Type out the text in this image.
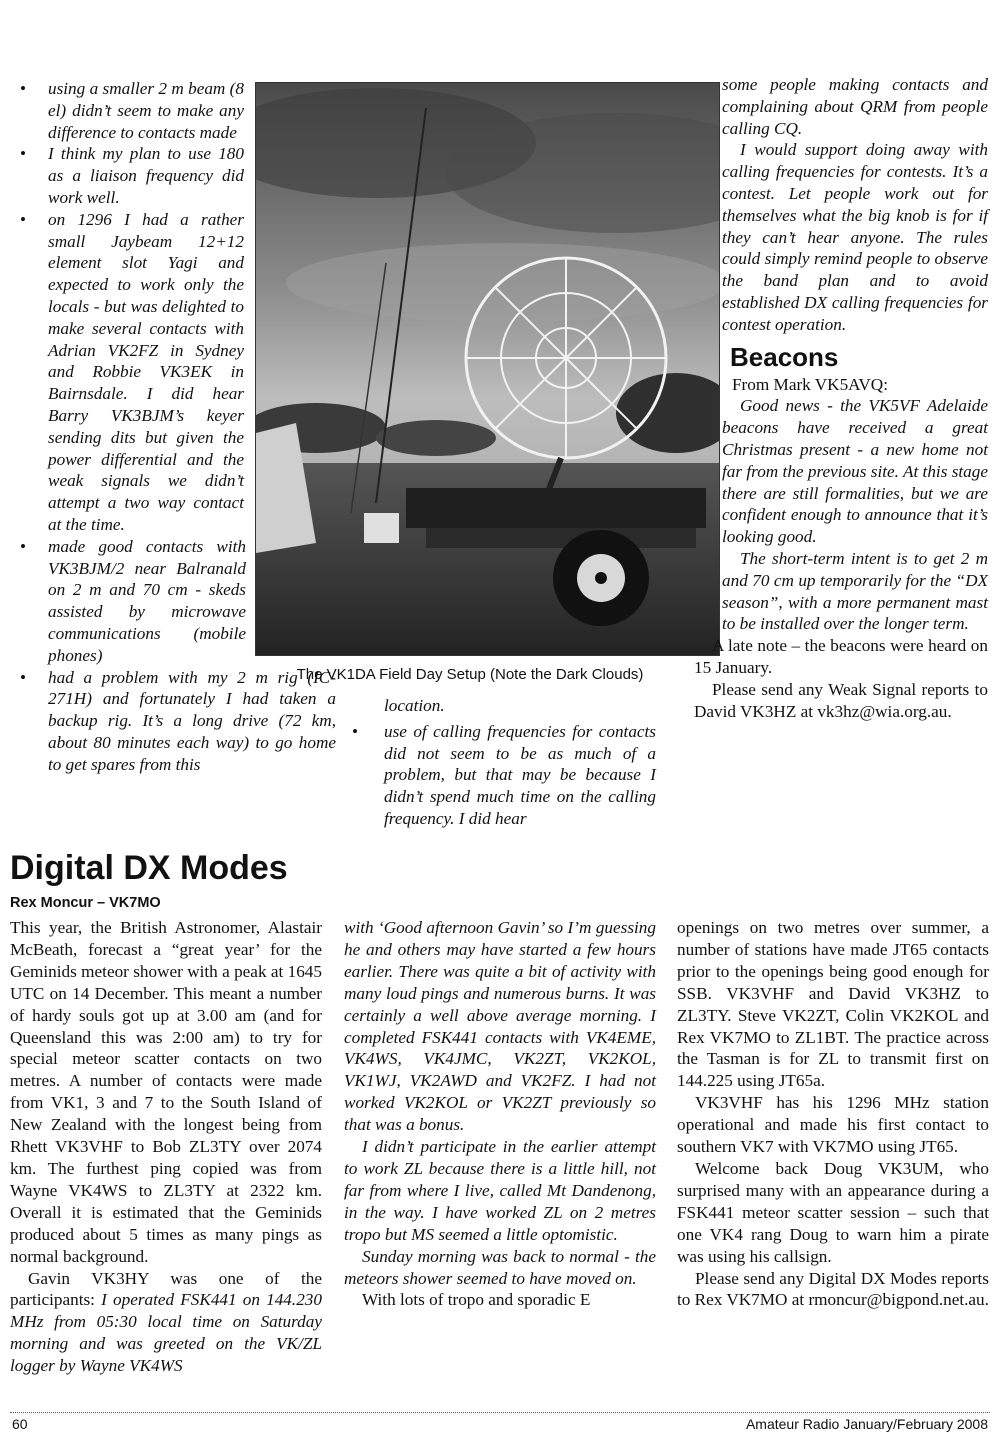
• using a smaller 2 m beam (8 el) didn’t seem to make any difference to contacts made
• I think my plan to use 180 as a liaison frequency did work well.
• on 1296 I had a rather small Jaybeam 12+12 element slot Yagi and expected to work only the locals - but was delighted to make several contacts with Adrian VK2FZ in Sydney and Robbie VK3EK in Bairnsdale. I did hear Barry VK3BJM’s keyer sending dits but given the power differential and the weak signals we didn’t attempt a two way contact at the time.
• made good contacts with VK3BJM/2 near Balranald on 2 m and 70 cm - skeds assisted by microwave communications (mobile phones)
• had a problem with my 2 m rig (IC-271H) and fortunately I had taken a backup rig. It’s a long drive (72 km, about 80 minutes each way) to go home to get spares from this
The VK1DA Field Day Setup (Note the Dark Clouds)
location.
• use of calling frequencies for contacts did not seem to be as much of a problem, but that may be because I didn’t spend much time on the calling frequency. I did hear

some people making contacts and complaining about QRM from people calling CQ.

I would support doing away with calling frequencies for contests. It’s a contest. Let people work out for themselves what the big knob is for if they can’t hear anyone. The rules could simply remind people to observe the band plan and to avoid established DX calling frequencies for contest operation.

Beacons

From Mark VK5AVQ:

Good news - the VK5VF Adelaide beacons have received a great Christmas present - a new home not far from the previous site. At this stage there are still formalities, but we are confident enough to announce that it’s looking good.

The short-term intent is to get 2 m and 70 cm up temporarily for the “DX season”, with a more permanent mast to be installed over the longer term.

A late note – the beacons were heard on 15 January.

Please send any Weak Signal reports to David VK3HZ at vk3hz@wia.org.au.

Digital DX Modes
Rex Moncur – VK7MO

This year, the British Astronomer, Alastair McBeath, forecast a “great year’ for the Geminids meteor shower with a peak at 1645 UTC on 14 December. This meant a number of hardy souls got up at 3.00 am (and for Queensland this was 2:00 am) to try for special meteor scatter contacts on two metres. A number of contacts were made from VK1, 3 and 7 to the South Island of New Zealand with the longest being from Rhett VK3VHF to Bob ZL3TY over 2074 km. The furthest ping copied was from Wayne VK4WS to ZL3TY at 2322 km. Overall it is estimated that the Geminids produced about 5 times as many pings as normal background.

Gavin VK3HY was one of the participants: I operated FSK441 on 144.230 MHz from 05:30 local time on Saturday morning and was greeted on the VK/ZL logger by Wayne VK4WS

with ‘Good afternoon Gavin’ so I’m guessing he and others may have started a few hours earlier. There was quite a bit of activity with many loud pings and numerous burns. It was certainly a well above average morning. I completed FSK441 contacts with VK4EME, VK4WS, VK4JMC, VK2ZT, VK2KOL, VK1WJ, VK2AWD and VK2FZ. I had not worked VK2KOL or VK2ZT previously so that was a bonus.

I didn’t participate in the earlier attempt to work ZL because there is a little hill, not far from where I live, called Mt Dandenong, in the way. I have worked ZL on 2 metres tropo but MS seemed a little optomistic.

Sunday morning was back to normal - the meteors shower seemed to have moved on.

With lots of tropo and sporadic E

openings on two metres over summer, a number of stations have made JT65 contacts prior to the openings being good enough for SSB. VK3VHF and David VK3HZ to ZL3TY. Steve VK2ZT, Colin VK2KOL and Rex VK7MO to ZL1BT. The practice across the Tasman is for ZL to transmit first on 144.225 using JT65a.

VK3VHF has his 1296 MHz station operational and made his first contact to southern VK7 with VK7MO using JT65.

Welcome back Doug VK3UM, who surprised many with an appearance during a FSK441 meteor scatter session – such that one VK4 rang Doug to warn him a pirate was using his callsign.

Please send any Digital DX Modes reports to Rex VK7MO at rmoncur@bigpond.net.au.

60	Amateur Radio January/February 2008
